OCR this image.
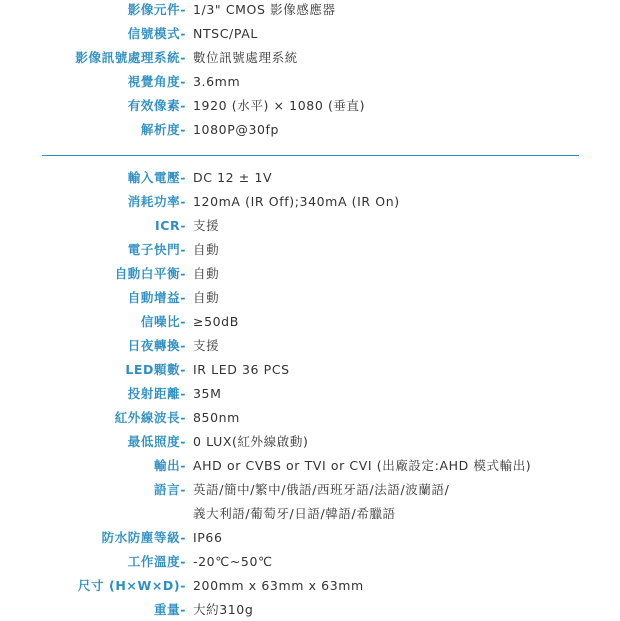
影像元件- 1/3" CMOS 影像感應器
信號模式- NTSC/PAL
影像訊號處理系統- 數位訊號處理系統
視覺角度- 3.6mm
有效像素- 1920 (水平) × 1080 (垂直)
解析度- 1080P@30fp
輸入電壓- DC 12 ± 1V
消耗功率- 120mA (IR Off);340mA (IR On)
ICR- 支援
電子快門- 自動
自動白平衡- 自動
自動增益- 自動
信噪比- ≥50dB
日夜轉換- 支援
LED顆數- IR LED 36 PCS
投射距離- 35M
紅外線波長- 850nm
最低照度- 0 LUX(紅外線啟動)
輸出- AHD or CVBS or TVI or CVI (出廠設定:AHD 模式輸出)
語言- 英語/簡中/繁中/俄語/西班牙語/法語/波蘭語/
義大利語/葡萄牙/日語/韓語/希臘語
防水防塵等級- IP66
工作溫度- -20℃~50℃
尺寸 (H×W×D)- 200mm x 63mm x 63mm
重量- 大約310g
